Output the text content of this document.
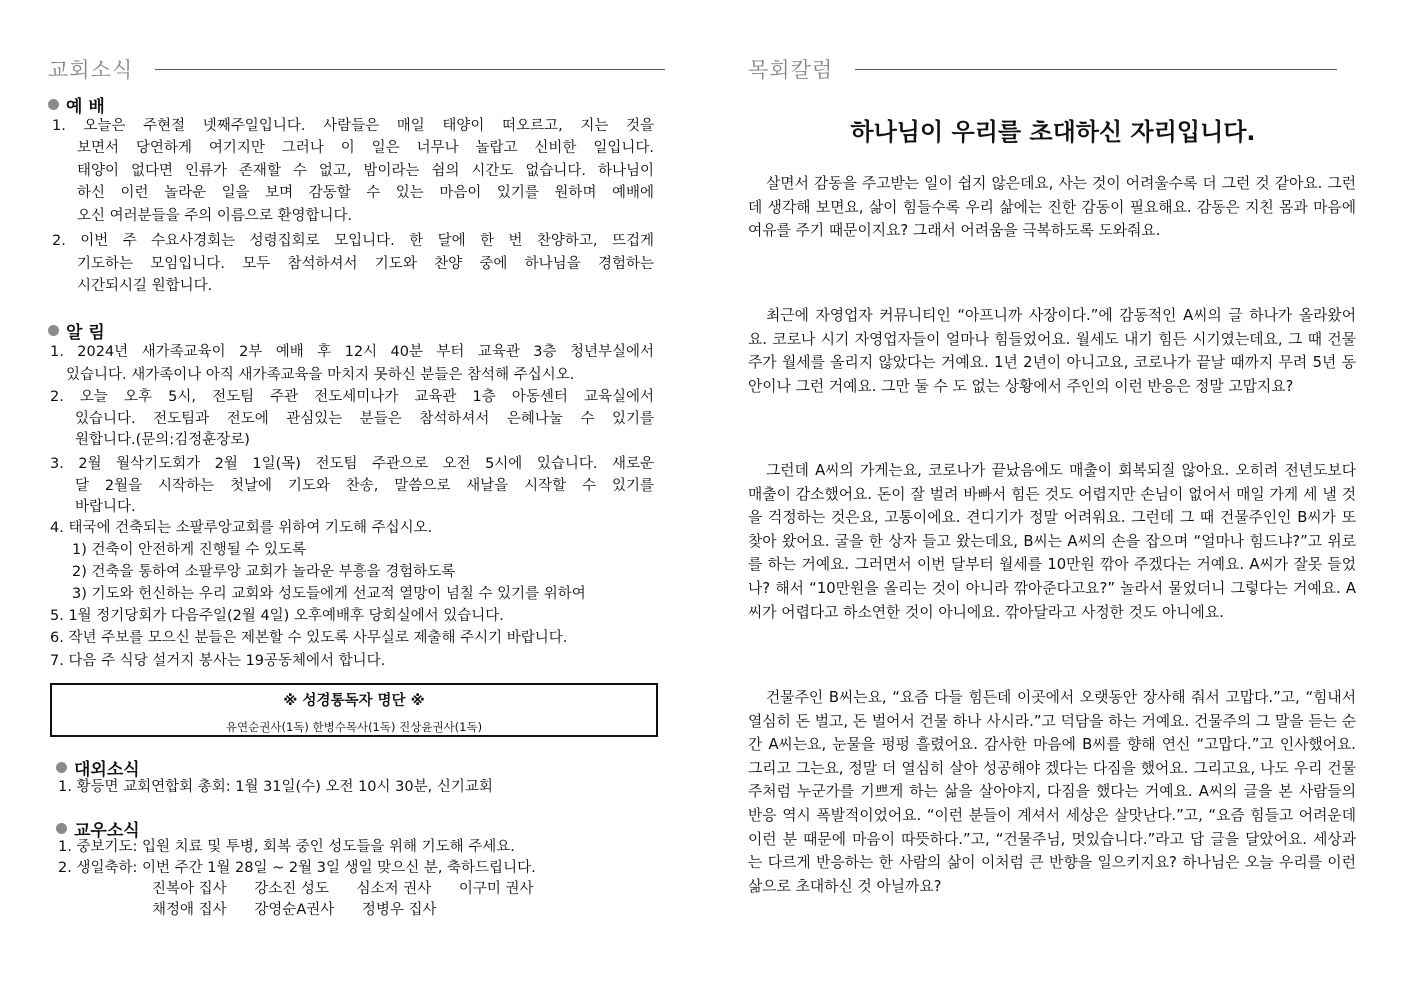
교회소식	목회칼럼
예 배
1. 오늘은 주현절 넷째주일입니다. 사람들은 매일 태양이 떠오르고, 지는 것을
보면서 당연하게 여기지만 그러나 이 일은 너무나 놀랍고 신비한 일입니다.
태양이 없다면 인류가 존재할 수 없고, 밤이라는 쉼의 시간도 없습니다. 하나님이
하신 이런 놀라운 일을 보며 감동할 수 있는 마음이 있기를 원하며 예배에
오신 여러분들을 주의 이름으로 환영합니다.
2. 이번 주 수요사경회는 성령집회로 모입니다. 한 달에 한 번 찬양하고, 뜨겁게
기도하는 모임입니다. 모두 참석하셔서 기도와 찬양 중에 하나님을 경험하는
시간되시길 원합니다.
알 림
1. 2024년 새가족교육이 2부 예배 후 12시 40분 부터 교육관 3층 청년부실에서
있습니다. 새가족이나 아직 새가족교육을 마치지 못하신 분들은 참석해 주십시오.
2. 오늘 오후 5시, 전도팀 주관 전도세미나가 교육관 1층 아동센터 교육실에서
있습니다. 전도팀과 전도에 관심있는 분들은 참석하셔서 은혜나눌 수 있기를
원합니다.(문의:김정훈장로)
3. 2월 월삭기도회가 2월 1일(목) 전도팀 주관으로 오전 5시에 있습니다. 새로운
달 2월을 시작하는 첫날에 기도와 찬송, 말씀으로 새날을 시작할 수 있기를
바랍니다.
4. 태국에 건축되는 소팔루앙교회를 위하여 기도해 주십시오.
1) 건축이 안전하게 진행될 수 있도록
2) 건축을 통하여 소팔루앙 교회가 놀라운 부흥을 경험하도록
3) 기도와 헌신하는 우리 교회와 성도들에게 선교적 열망이 넘칠 수 있기를 위하여
5. 1월 정기당회가 다음주일(2월 4일) 오후예배후 당회실에서 있습니다.
6. 작년 주보를 모으신 분들은 제본할 수 있도록 사무실로 제출해 주시기 바랍니다.
7. 다음 주 식당 설거지 봉사는 19공동체에서 합니다.
※ 성경통독자 명단 ※
유연순권사(1독) 한병수목사(1독) 진상윤권사(1독)
대외소식
1. 황등면 교회연합회 총회: 1월 31일(수) 오전 10시 30분, 신기교회
교우소식
1. 중보기도: 입원 치료 및 투병, 회복 중인 성도들을 위해 기도해 주세요.
2. 생일축하: 이번 주간 1월 28일 ~ 2월 3일 생일 맞으신 분, 축하드립니다.
진복아 집사      강소진 성도      심소저 권사      이구미 권사
채정애 집사      강영순A권사      정병우 집사
하나님이 우리를 초대하신 자리입니다.
살면서 감동을 주고받는 일이 쉽지 않은데요, 사는 것이 어려울수록 더 그런 것 같아요. 그런데 생각해 보면요, 삶이 힘들수록 우리 삶에는 진한 감동이 필요해요. 감동은 지친 몸과 마음에 여유를 주기 때문이지요? 그래서 어려움을 극복하도록 도와줘요.
최근에 자영업자 커뮤니티인 “아프니까 사장이다.”에 감동적인 A씨의 글 하나가 올라왔어요. 코로나 시기 자영업자들이 얼마나 힘들었어요. 월세도 내기 힘든 시기였는데요, 그 때 건물주가 월세를 올리지 않았다는 거예요. 1년 2년이 아니고요, 코로나가 끝날 때까지 무려 5년 동안이나 그런 거예요. 그만 둘 수 도 없는 상황에서 주인의 이런 반응은 정말 고맙지요?
그런데 A씨의 가게는요, 코로나가 끝났음에도 매출이 회복되질 않아요. 오히려 전년도보다 매출이 감소했어요. 돈이 잘 벌려 바빠서 힘든 것도 어렵지만 손님이 없어서 매일 가게 세 낼 것을 걱정하는 것은요, 고통이에요. 견디기가 정말 어려워요. 그런데 그 때 건물주인인 B씨가 또 찾아 왔어요. 굴을 한 상자 들고 왔는데요, B씨는 A씨의 손을 잡으며 “얼마나 힘드냐?”고 위로를 하는 거예요. 그러면서 이번 달부터 월세를 10만원 깎아 주겠다는 거예요. A씨가 잘못 들었나? 해서 “10만원을 올리는 것이 아니라 깎아준다고요?” 놀라서 물었더니 그렇다는 거예요. A씨가 어렵다고 하소연한 것이 아니에요. 깎아달라고 사정한 것도 아니에요.
건물주인 B씨는요, “요즘 다들 힘든데 이곳에서 오랫동안 장사해 줘서 고맙다.”고, “힘내서 열심히 돈 벌고, 돈 벌어서 건물 하나 사시라.”고 덕담을 하는 거예요. 건물주의 그 말을 듣는 순간 A씨는요, 눈물을 펑펑 흘렸어요. 감사한 마음에 B씨를 향해 연신 “고맙다.”고 인사했어요. 그리고 그는요, 정말 더 열심히 살아 성공해야 겠다는 다짐을 했어요. 그리고요, 나도 우리 건물주처럼 누군가를 기쁘게 하는 삶을 살아야지, 다짐을 했다는 거예요. A씨의 글을 본 사람들의 반응 역시 폭발적이었어요. “이런 분들이 계셔서 세상은 살맛난다.”고, “요즘 힘들고 어려운데 이런 분 때문에 마음이 따뜻하다.”고, “건물주님, 멋있습니다.”라고 답 글을 달았어요. 세상과는 다르게 반응하는 한 사람의 삶이 이처럼 큰 반향을 일으키지요? 하나님은 오늘 우리를 이런 삶으로 초대하신 것 아닐까요?
